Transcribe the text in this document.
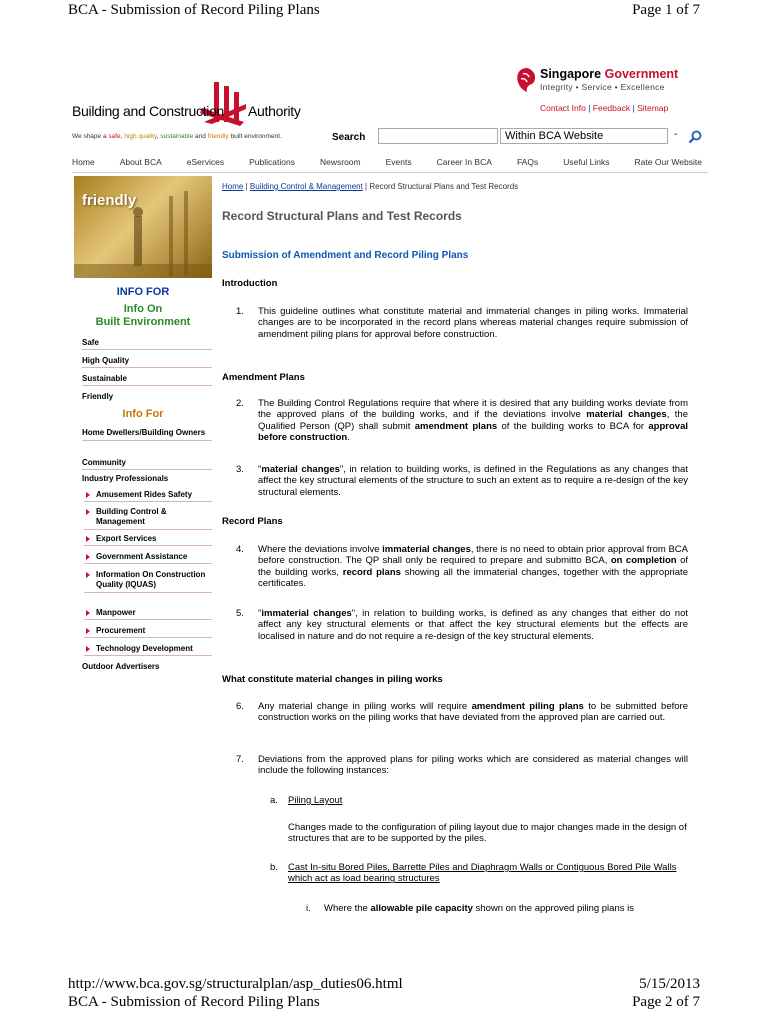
BCA - Submission of Record Piling Plans	Page 1 of 7
http://www.bca.gov.sg/structuralplan/asp_duties06.html	5/15/2013
BCA - Submission of Record Piling Plans	Page 2 of 7
Building and Construction Authority
We shape a safe, high quality, sustainable and friendly built environment.
Singapore Government
Integrity • Service • Excellence
Contact Info | Feedback | Sitemap
Search	Within BCA Website	-
Home	About BCA	eServices	Publications	Newsroom	Events	Career In BCA	FAQs	Useful Links	Rate Our Website
friendly
INFO FOR
Info On
Built Environment
Safe
High Quality
Sustainable
Friendly
Info For
Home Dwellers/Building Owners
Community
Industry Professionals
Amusement Rides Safety
Building Control & Management
Export Services
Government Assistance
Information On Construction Quality (IQUAS)
Manpower
Procurement
Technology Development
Outdoor Advertisers
Home | Building Control & Management | Record Structural Plans and Test Records
Record Structural Plans and Test Records
Submission of Amendment and Record Piling Plans
Introduction
1.	This guideline outlines what constitute material and immaterial changes in piling works. Immaterial changes are to be incorporated in the record plans whereas material changes require submission of amendment piling plans for approval before construction.
Amendment Plans
2.	The Building Control Regulations require that where it is desired that any building works deviate from the approved plans of the building works, and if the deviations involve material changes, the Qualified Person (QP) shall submit amendment plans of the building works to BCA for approval before construction.
3.	"material changes", in relation to building works, is defined in the Regulations as any changes that affect the key structural elements of the structure to such an extent as to require a re-design of the key structural elements.
Record Plans
4.	Where the deviations involve immaterial changes, there is no need to obtain prior approval from BCA before construction. The QP shall only be required to prepare and submitto BCA, on completion of the building works, record plans showing all the immaterial changes, together with the appropriate certificates.
5.	"immaterial changes", in relation to building works, is defined as any changes that either do not affect any key structural elements or that affect the key structural elements but the effects are localised in nature and do not require a re-design of the key structural elements.
What constitute material changes in piling works
6.	Any material change in piling works will require amendment piling plans to be submitted before construction works on the piling works that have deviated from the approved plan are carried out.
7.	Deviations from the approved plans for piling works which are considered as material changes will include the following instances:
a.	Piling Layout
Changes made to the configuration of piling layout due to major changes made in the design of structures that are to be supported by the piles.
b.	Cast In-situ Bored Piles, Barrette Piles and Diaphragm Walls or Contiguous Bored Pile Walls which act as load bearing structures
i.	Where the allowable pile capacity shown on the approved piling plans is
